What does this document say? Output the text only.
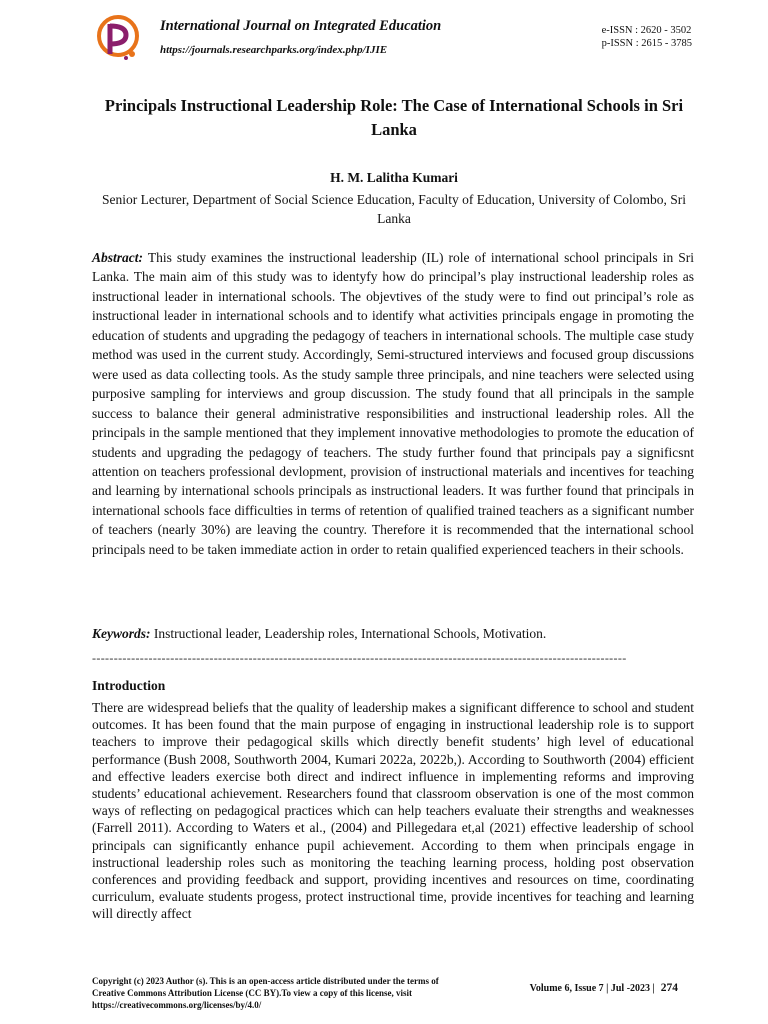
International Journal on Integrated Education
https://journals.researchparks.org/index.php/IJIE
e-ISSN : 2620 - 3502
p-ISSN : 2615 - 3785
Principals Instructional Leadership Role: The Case of International Schools in Sri Lanka
H. M. Lalitha Kumari
Senior Lecturer, Department of Social Science Education, Faculty of Education, University of Colombo, Sri Lanka
Abstract: This study examines the instructional leadership (IL) role of international school principals in Sri Lanka. The main aim of this study was to identyfy how do principal’s play instructional leadership roles as instructional leader in international schools. The objevtives of the study were to find out principal’s role as instructional leader in international schools and to identify what activities principals engage in promoting the education of students and upgrading the pedagogy of teachers in international schools. The multiple case study method was used in the current study. Accordingly, Semi-structured interviews and focused group discussions were used as data collecting tools. As the study sample three principals, and nine teachers were selected using purposive sampling for interviews and group discussion. The study found that all principals in the sample success to balance their general administrative responsibilities and instructional leadership roles. All the principals in the sample mentioned that they implement innovative methodologies to promote the education of students and upgrading the pedagogy of teachers. The study further found that principals pay a significsnt attention on teachers professional devlopment, provision of instructional materials and incentives for teaching and learning by international schools principals as instructional leaders. It was further found that principals in international schools face difficulties in terms of retention of qualified trained teachers as a significant number of teachers (nearly 30%) are leaving the country. Therefore it is recommended that the international school principals need to be taken immediate action in order to retain qualified experienced teachers in their schools.
Keywords: Instructional leader, Leadership roles, International Schools, Motivation.
---------------------------------------------------------------------------------------------------------------------------
Introduction
There are widespread beliefs that the quality of leadership makes a significant difference to school and student outcomes. It has been found that the main purpose of engaging in instructional leadership role is to support teachers to improve their pedagogical skills which directly benefit students’ high level of educational performance (Bush 2008, Southworth 2004, Kumari 2022a, 2022b,). According to Southworth (2004) efficient and effective leaders exercise both direct and indirect influence in implementing reforms and improving students’ educational achievement. Researchers found that classroom observation is one of the most common ways of reflecting on pedagogical practices which can help teachers evaluate their strengths and weaknesses (Farrell 2011). According to Waters et al., (2004) and Pillegedara et,al (2021) effective leadership of school principals can significantly enhance pupil achievement. According to them when principals engage in instructional leadership roles such as monitoring the teaching learning process, holding post observation conferences and providing feedback and support, providing incentives and resources on time, coordinating curriculum, evaluate students progess, protect instructional time, provide incentives for teaching and learning will directly affect
Copyright (c) 2023 Author (s). This is an open-access article distributed under the terms of Creative Commons Attribution License (CC BY).To view a copy of this license, visit https://creativecommons.org/licenses/by/4.0/
Volume 6, Issue 7 | Jul -2023 | 274
